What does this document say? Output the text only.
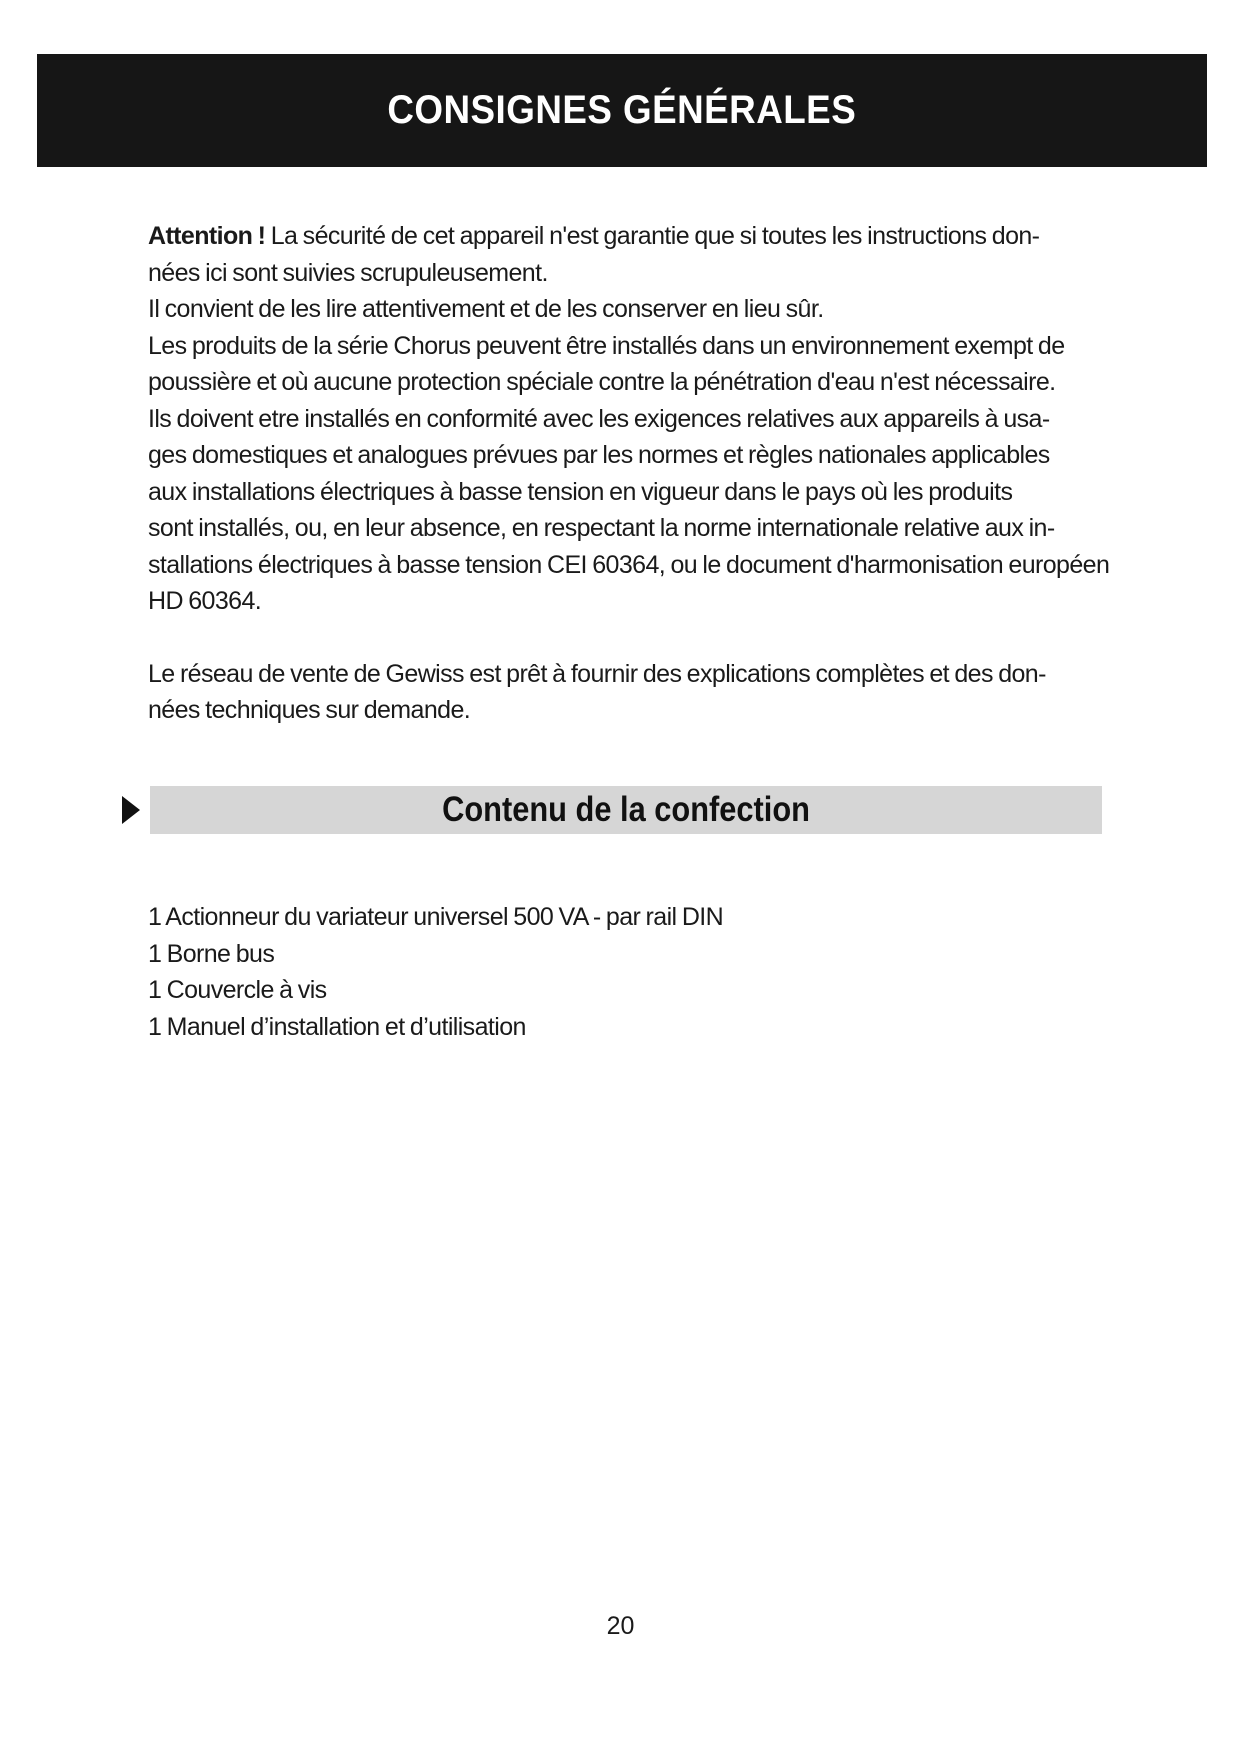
CONSIGNES GÉNÉRALES

Attention ! La sécurité de cet appareil n'est garantie que si toutes les instructions don-

nées ici sont suivies scrupuleusement.

Il convient de les lire attentivement et de les conserver en lieu sûr.

Les produits de la série Chorus peuvent être installés dans un environnement exempt de

poussière et où aucune protection spéciale contre la pénétration d'eau n'est nécessaire.

Ils doivent etre installés en conformité avec les exigences relatives aux appareils à usa-

ges domestiques et analogues prévues par les normes et règles nationales applicables

aux installations électriques à basse tension en vigueur dans le pays où les produits

sont installés, ou, en leur absence, en respectant la norme internationale relative aux in-

stallations électriques à basse tension CEI 60364, ou le document d'harmonisation européen

HD 60364.

Le réseau de vente de Gewiss est prêt à fournir des explications complètes et des don-

nées techniques sur demande.

Contenu de la confection
1 Actionneur du variateur universel 500 VA - par rail DIN
1 Borne bus
1 Couvercle à vis
1 Manuel d’installation et d’utilisation
20
